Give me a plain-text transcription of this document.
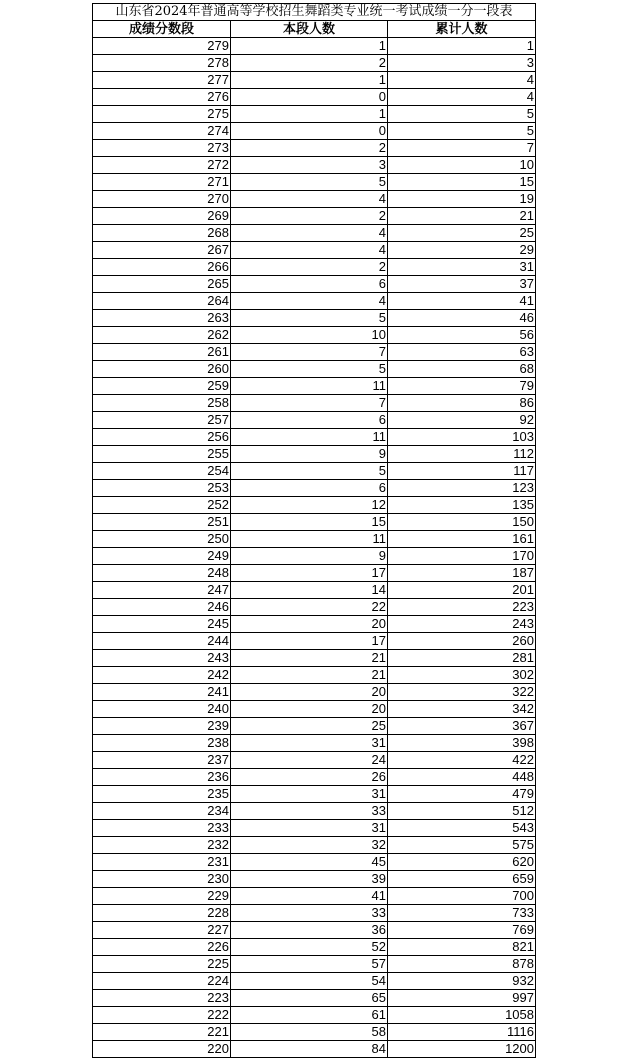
山东省2024年普通高等学校招生舞蹈类专业统一考试成绩一分一段表		
成绩分数段	本段人数	累计人数
279	1	1
278	2	3
277	1	4
276	0	4
275	1	5
274	0	5
273	2	7
272	3	10
271	5	15
270	4	19
269	2	21
268	4	25
267	4	29
266	2	31
265	6	37
264	4	41
263	5	46
262	10	56
261	7	63
260	5	68
259	11	79
258	7	86
257	6	92
256	11	103
255	9	112
254	5	117
253	6	123
252	12	135
251	15	150
250	11	161
249	9	170
248	17	187
247	14	201
246	22	223
245	20	243
244	17	260
243	21	281
242	21	302
241	20	322
240	20	342
239	25	367
238	31	398
237	24	422
236	26	448
235	31	479
234	33	512
233	31	543
232	32	575
231	45	620
230	39	659
229	41	700
228	33	733
227	36	769
226	52	821
225	57	878
224	54	932
223	65	997
222	61	1058
221	58	1116
220	84	1200
